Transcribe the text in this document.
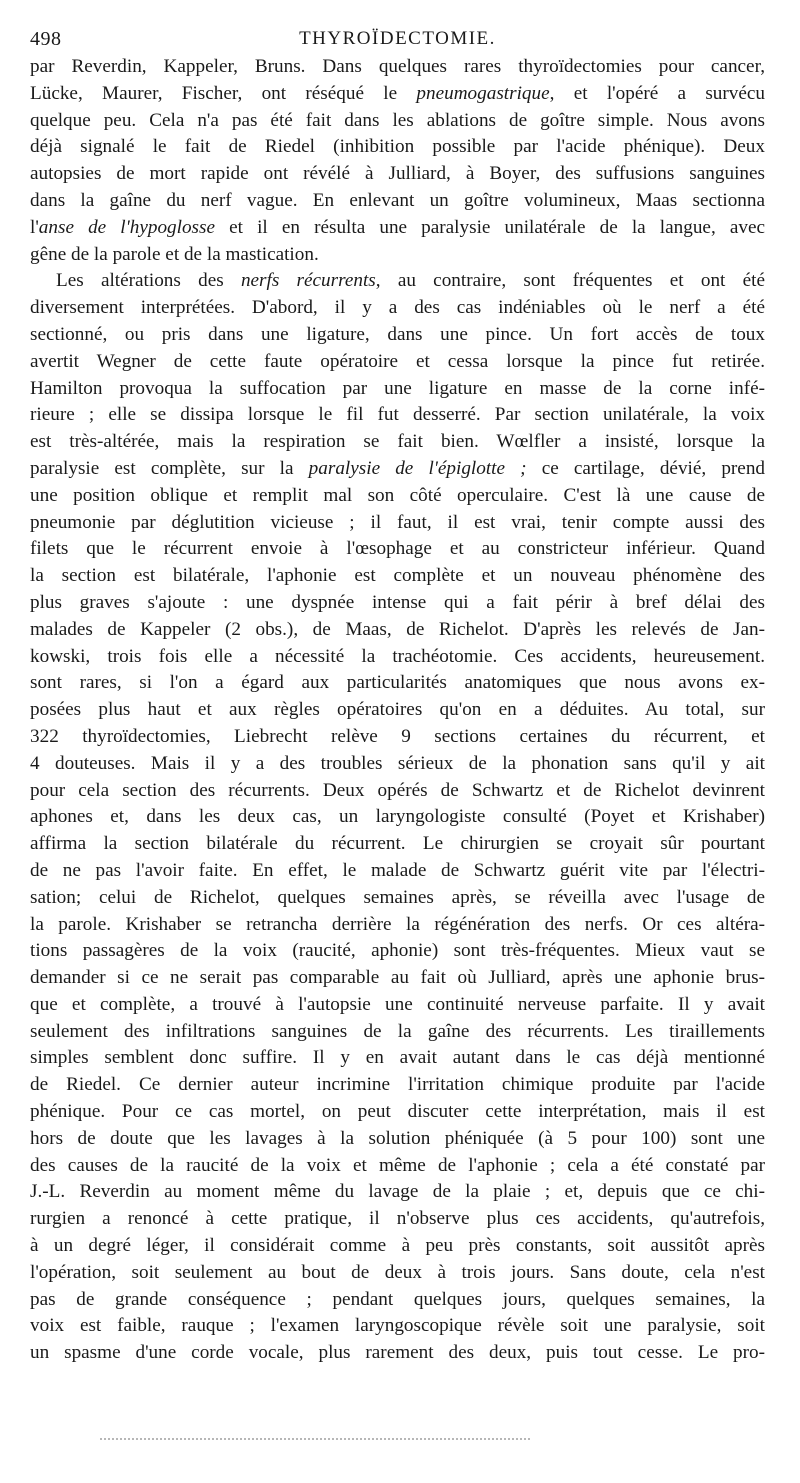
498	THYROÏDECTOMIE.
par Reverdin, Kappeler, Bruns. Dans quelques rares thyroïdectomies pour cancer,
Lücke, Maurer, Fischer, ont réséqué le pneumogastrique, et l'opéré a survécu
quelque peu. Cela n'a pas été fait dans les ablations de goître simple. Nous avons
déjà signalé le fait de Riedel (inhibition possible par l'acide phénique). Deux
autopsies de mort rapide ont révélé à Julliard, à Boyer, des suffusions sanguines
dans la gaîne du nerf vague. En enlevant un goître volumineux, Maas sectionna
l'anse de l'hypoglosse et il en résulta une paralysie unilatérale de la langue, avec
gêne de la parole et de la mastication.
Les altérations des nerfs récurrents, au contraire, sont fréquentes et ont été
diversement interprétées. D'abord, il y a des cas indéniables où le nerf a été
sectionné, ou pris dans une ligature, dans une pince. Un fort accès de toux
avertit Wegner de cette faute opératoire et cessa lorsque la pince fut retirée.
Hamilton provoqua la suffocation par une ligature en masse de la corne infé-
rieure ; elle se dissipa lorsque le fil fut desserré. Par section unilatérale, la voix
est très-altérée, mais la respiration se fait bien. Wœlfler a insisté, lorsque la
paralysie est complète, sur la paralysie de l'épiglotte ; ce cartilage, dévié, prend
une position oblique et remplit mal son côté operculaire. C'est là une cause de
pneumonie par déglutition vicieuse ; il faut, il est vrai, tenir compte aussi des
filets que le récurrent envoie à l'œsophage et au constricteur inférieur. Quand
la section est bilatérale, l'aphonie est complète et un nouveau phénomène des
plus graves s'ajoute : une dyspnée intense qui a fait périr à bref délai des
malades de Kappeler (2 obs.), de Maas, de Richelot. D'après les relevés de Jan-
kowski, trois fois elle a nécessité la trachéotomie. Ces accidents, heureusement.
sont rares, si l'on a égard aux particularités anatomiques que nous avons ex-
posées plus haut et aux règles opératoires qu'on en a déduites. Au total, sur
322 thyroïdectomies, Liebrecht relève 9 sections certaines du récurrent, et
4 douteuses. Mais il y a des troubles sérieux de la phonation sans qu'il y ait
pour cela section des récurrents. Deux opérés de Schwartz et de Richelot devinrent
aphones et, dans les deux cas, un laryngologiste consulté (Poyet et Krishaber)
affirma la section bilatérale du récurrent. Le chirurgien se croyait sûr pourtant
de ne pas l'avoir faite. En effet, le malade de Schwartz guérit vite par l'électri-
sation; celui de Richelot, quelques semaines après, se réveilla avec l'usage de
la parole. Krishaber se retrancha derrière la régénération des nerfs. Or ces altéra-
tions passagères de la voix (raucité, aphonie) sont très-fréquentes. Mieux vaut se
demander si ce ne serait pas comparable au fait où Julliard, après une aphonie brus-
que et complète, a trouvé à l'autopsie une continuité nerveuse parfaite. Il y avait
seulement des infiltrations sanguines de la gaîne des récurrents. Les tiraillements
simples semblent donc suffire. Il y en avait autant dans le cas déjà mentionné
de Riedel. Ce dernier auteur incrimine l'irritation chimique produite par l'acide
phénique. Pour ce cas mortel, on peut discuter cette interprétation, mais il est
hors de doute que les lavages à la solution phéniquée (à 5 pour 100) sont une
des causes de la raucité de la voix et même de l'aphonie ; cela a été constaté par
J.-L. Reverdin au moment même du lavage de la plaie ; et, depuis que ce chi-
rurgien a renoncé à cette pratique, il n'observe plus ces accidents, qu'autrefois,
à un degré léger, il considérait comme à peu près constants, soit aussitôt après
l'opération, soit seulement au bout de deux à trois jours. Sans doute, cela n'est
pas de grande conséquence ; pendant quelques jours, quelques semaines, la
voix est faible, rauque ; l'examen laryngoscopique révèle soit une paralysie, soit
un spasme d'une corde vocale, plus rarement des deux, puis tout cesse. Le pro-
